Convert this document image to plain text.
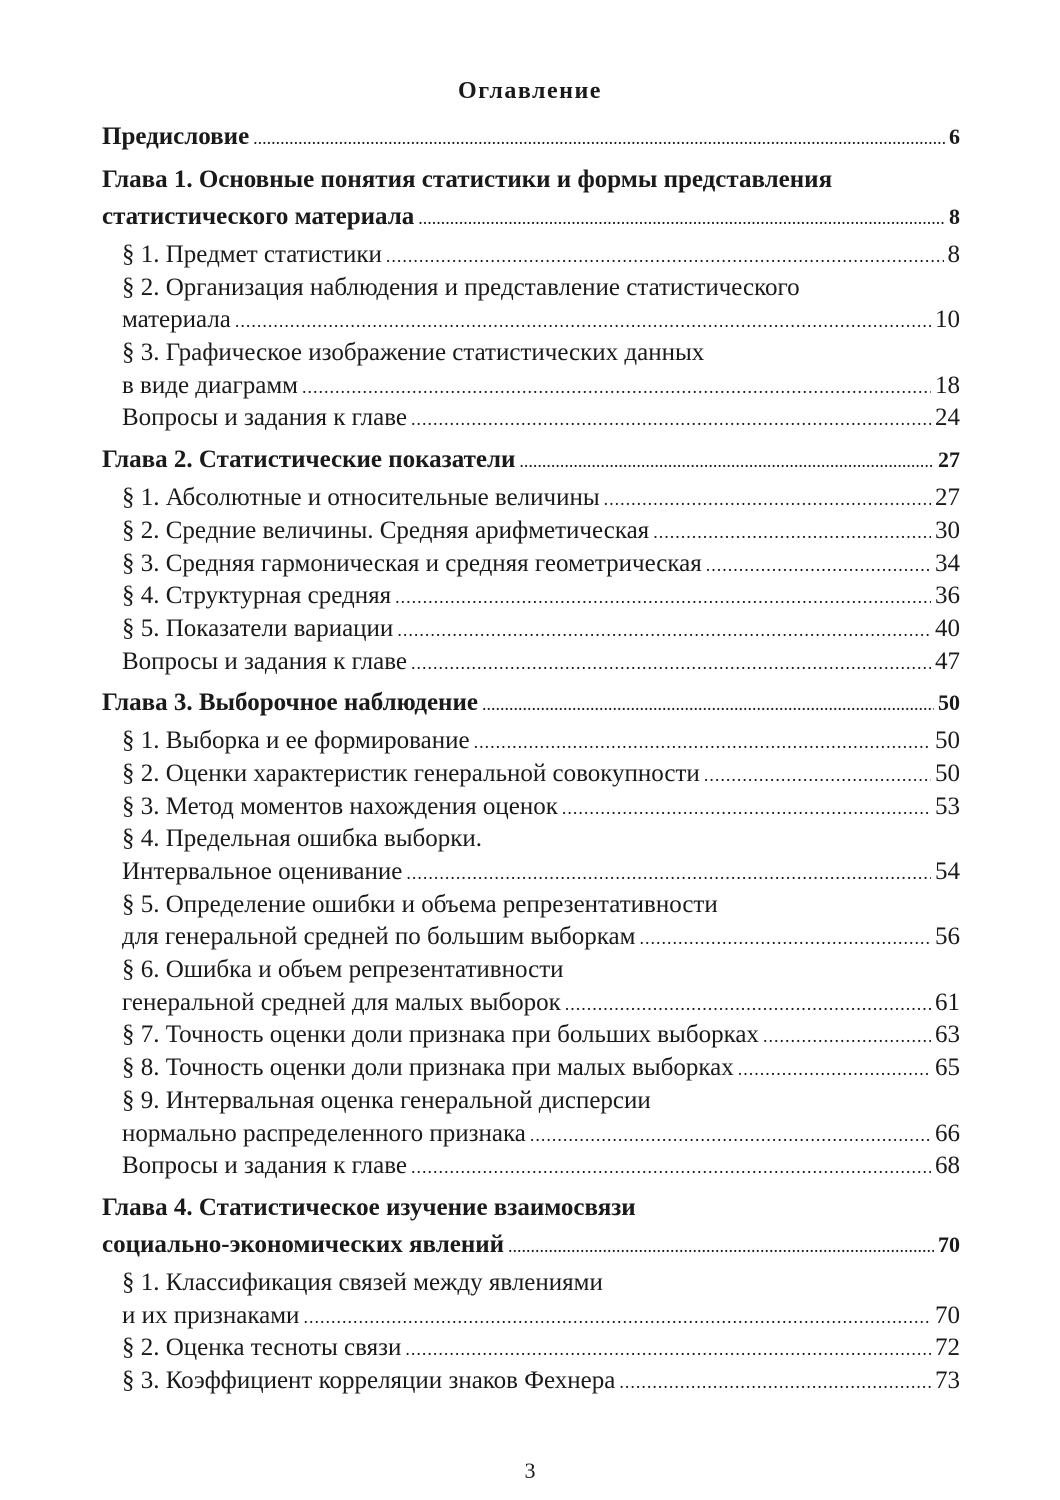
Оглавление
Предисловие .....	6
Глава 1. Основные понятия статистики и формы представления
статистического материала .....	8
§ 1. Предмет статистики .....	8
§ 2. Организация наблюдения и представление статистического
материала .....	10
§ 3. Графическое изображение статистических данных
в виде диаграмм .....	18
Вопросы и задания к главе .....	24
Глава 2. Статистические показатели .....	27
§ 1. Абсолютные и относительные величины .....	27
§ 2. Средние величины. Средняя арифметическая .....	30
§ 3. Средняя гармоническая и средняя геометрическая .....	34
§ 4. Структурная средняя .....	36
§ 5. Показатели вариации .....	40
Вопросы и задания к главе .....	47
Глава 3. Выборочное наблюдение .....	50
§ 1. Выборка и ее формирование .....	50
§ 2. Оценки характеристик генеральной совокупности .....	50
§ 3. Метод моментов нахождения оценок .....	53
§ 4. Предельная ошибка выборки.
Интервальное оценивание .....	54
§ 5. Определение ошибки и объема репрезентативности
для генеральной средней по большим выборкам .....	56
§ 6. Ошибка и объем репрезентативности
генеральной средней для малых выборок .....	61
§ 7. Точность оценки доли признака при больших выборках .....	63
§ 8. Точность оценки доли признака при малых выборках .....	65
§ 9. Интервальная оценка генеральной дисперсии
нормально распределенного признака .....	66
Вопросы и задания к главе .....	68
Глава 4. Статистическое изучение взаимосвязи
социально-экономических явлений .....	70
§ 1. Классификация связей между явлениями
и их признаками .....	70
§ 2. Оценка тесноты связи .....	72
§ 3. Коэффициент корреляции знаков Фехнера .....	73
3
